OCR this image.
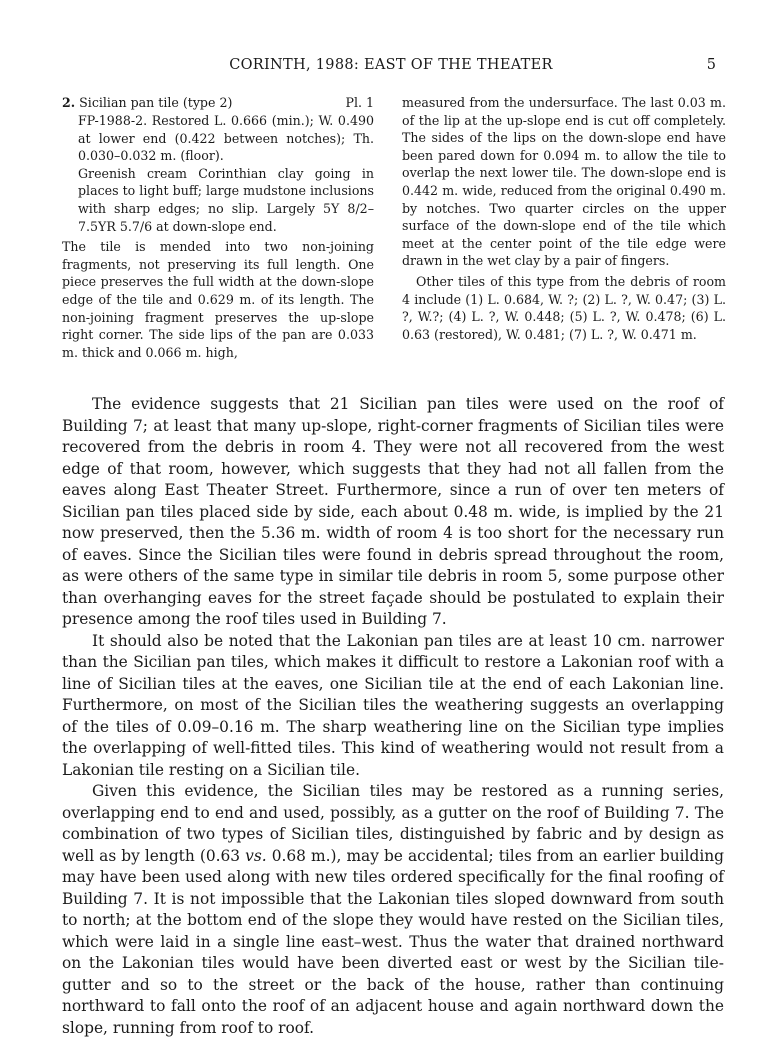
CORINTH, 1988: EAST OF THE THEATER	5
2. Sicilian pan tile (type 2)	Pl. 1

FP-1988-2. Restored L. 0.666 (min.); W. 0.490 at lower end (0.422 between notches); Th. 0.030–0.032 m. (floor).

Greenish cream Corinthian clay going in places to light buff; large mudstone inclusions with sharp edges; no slip. Largely 5Y 8/2–7.5YR 5.7/6 at down-slope end.

The tile is mended into two non-joining fragments, not preserving its full length. One piece preserves the full width at the down-slope edge of the tile and 0.629 m. of its length. The non-joining fragment preserves the up-slope right corner. The side lips of the pan are 0.033 m. thick and 0.066 m. high,

measured from the undersurface. The last 0.03 m. of the lip at the up-slope end is cut off completely. The sides of the lips on the down-slope end have been pared down for 0.094 m. to allow the tile to overlap the next lower tile. The down-slope end is 0.442 m. wide, reduced from the original 0.490 m. by notches. Two quarter circles on the upper surface of the down-slope end of the tile which meet at the center point of the tile edge were drawn in the wet clay by a pair of fingers.

Other tiles of this type from the debris of room 4 include (1) L. 0.684, W. ?; (2) L. ?, W. 0.47; (3) L. ?, W.?; (4) L. ?, W. 0.448; (5) L. ?, W. 0.478; (6) L. 0.63 (restored), W. 0.481; (7) L. ?, W. 0.471 m.

The evidence suggests that 21 Sicilian pan tiles were used on the roof of Building 7; at least that many up-slope, right-corner fragments of Sicilian tiles were recovered from the debris in room 4. They were not all recovered from the west edge of that room, however, which suggests that they had not all fallen from the eaves along East Theater Street. Furthermore, since a run of over ten meters of Sicilian pan tiles placed side by side, each about 0.48 m. wide, is implied by the 21 now preserved, then the 5.36 m. width of room 4 is too short for the necessary run of eaves. Since the Sicilian tiles were found in debris spread throughout the room, as were others of the same type in similar tile debris in room 5, some purpose other than overhanging eaves for the street façade should be postulated to explain their presence among the roof tiles used in Building 7.

It should also be noted that the Lakonian pan tiles are at least 10 cm. narrower than the Sicilian pan tiles, which makes it difficult to restore a Lakonian roof with a line of Sicilian tiles at the eaves, one Sicilian tile at the end of each Lakonian line. Furthermore, on most of the Sicilian tiles the weathering suggests an overlapping of the tiles of 0.09–0.16 m. The sharp weathering line on the Sicilian type implies the overlapping of well-fitted tiles. This kind of weathering would not result from a Lakonian tile resting on a Sicilian tile.

Given this evidence, the Sicilian tiles may be restored as a running series, overlapping end to end and used, possibly, as a gutter on the roof of Building 7. The combination of two types of Sicilian tiles, distinguished by fabric and by design as well as by length (0.63 vs. 0.68 m.), may be accidental; tiles from an earlier building may have been used along with new tiles ordered specifically for the final roofing of Building 7. It is not impossible that the Lakonian tiles sloped downward from south to north; at the bottom end of the slope they would have rested on the Sicilian tiles, which were laid in a single line east–west. Thus the water that drained northward on the Lakonian tiles would have been diverted east or west by the Sicilian tile-gutter and so to the street or the back of the house, rather than continuing northward to fall onto the roof of an adjacent house and again northward down the slope, running from roof to roof.
